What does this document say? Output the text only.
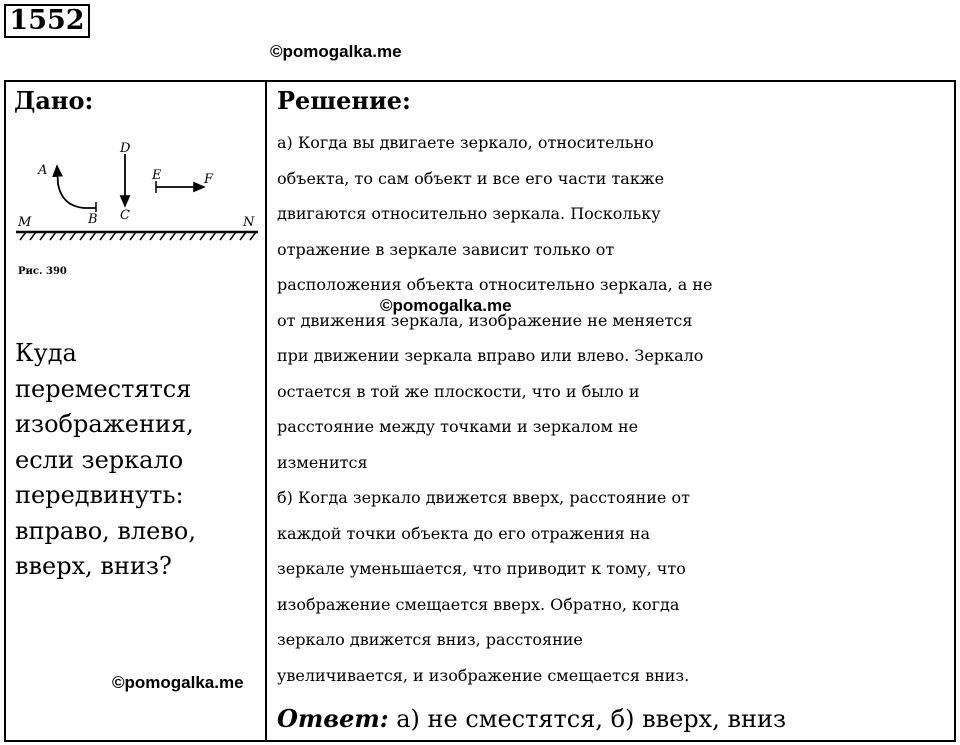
1552
©pomogalka.me
Дано:	Решение:
A
B
D
C
E	F
M	N
Рис. 390
Куда
переместятся
изображения,
если зеркало
передвинуть:
вправо, влево,
вверх, вниз?

а) Когда вы двигаете зеркало, относительно

объекта, то сам объект и все его части также

двигаются относительно зеркала. Поскольку

отражение в зеркале зависит только от

расположения объекта относительно зеркала, а не

от движения зеркала, изображение не меняется

при движении зеркала вправо или влево. Зеркало

остается в той же плоскости, что и было и

расстояние между точками и зеркалом не

изменится

б) Когда зеркало движется вверх, расстояние от

каждой точки объекта до его отражения на

зеркале уменьшается, что приводит к тому, что

изображение смещается вверх. Обратно, когда

зеркало движется вниз, расстояние

увеличивается, и изображение смещается вниз.

©pomogalka.me
©pomogalka.me
Ответ: а) не сместятся, б) вверх, вниз
